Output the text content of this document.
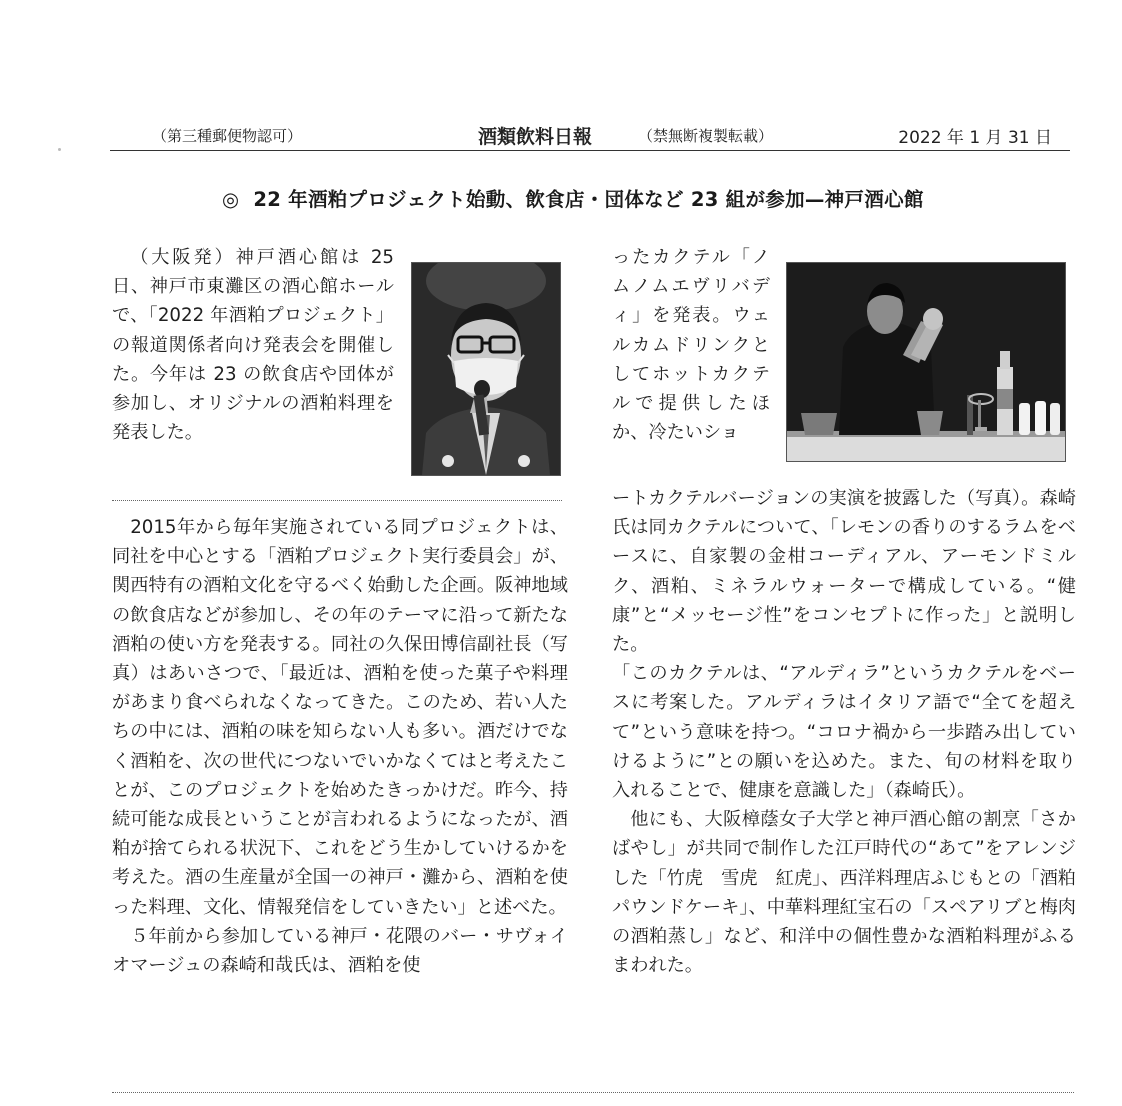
（第三種郵便物認可）	酒類飲料日報	（禁無断複製転載）	2022 年 1 月 31 日
◎ 22 年酒粕プロジェクト始動、飲食店・団体など 23 組が参加—神戸酒心館

（大阪発）神戸酒心館は 25 日、神戸市東灘区の酒心館ホールで、「2022 年酒粕プロジェクト」の報道関係者向け発表会を開催した。今年は 23 の飲食店や団体が参加し、オリジナルの酒粕料理を発表した。

2015年から毎年実施されている同プロジェクトは、同社を中心とする「酒粕プロジェクト実行委員会」が、関西特有の酒粕文化を守るべく始動した企画。阪神地域の飲食店などが参加し、その年のテーマに沿って新たな酒粕の使い方を発表する。同社の久保田博信副社長（写真）はあいさつで、「最近は、酒粕を使った菓子や料理があまり食べられなくなってきた。このため、若い人たちの中には、酒粕の味を知らない人も多い。酒だけでなく酒粕を、次の世代につないでいかなくてはと考えたことが、このプロジェクトを始めたきっかけだ。昨今、持続可能な成長ということが言われるようになったが、酒粕が捨てられる状況下、これをどう生かしていけるかを考えた。酒の生産量が全国一の神戸・灘から、酒粕を使った料理、文化、情報発信をしていきたい」と述べた。

５年前から参加している神戸・花隈のバー・サヴォイオマージュの森崎和哉氏は、酒粕を使

ったカクテル「ノムノムエヴリバディ」を発表。ウェルカムドリンクとしてホットカクテルで提供したほか、冷たいショ

ートカクテルバージョンの実演を披露した（写真）。森崎氏は同カクテルについて、「レモンの香りのするラムをベースに、自家製の金柑コーディアル、アーモンドミルク、酒粕、ミネラルウォーターで構成している。“健康”と“メッセージ性”をコンセプトに作った」と説明した。

「このカクテルは、“アルディラ”というカクテルをベースに考案した。アルディラはイタリア語で“全てを超えて”という意味を持つ。“コロナ禍から一歩踏み出していけるように”との願いを込めた。また、旬の材料を取り入れることで、健康を意識した」（森崎氏）。

他にも、大阪樟蔭女子大学と神戸酒心館の割烹「さかばやし」が共同で制作した江戸時代の“あて”をアレンジした「竹虎　雪虎　紅虎」、西洋料理店ふじもとの「酒粕パウンドケーキ」、中華料理紅宝石の「スペアリブと梅肉の酒粕蒸し」など、和洋中の個性豊かな酒粕料理がふるまわれた。
